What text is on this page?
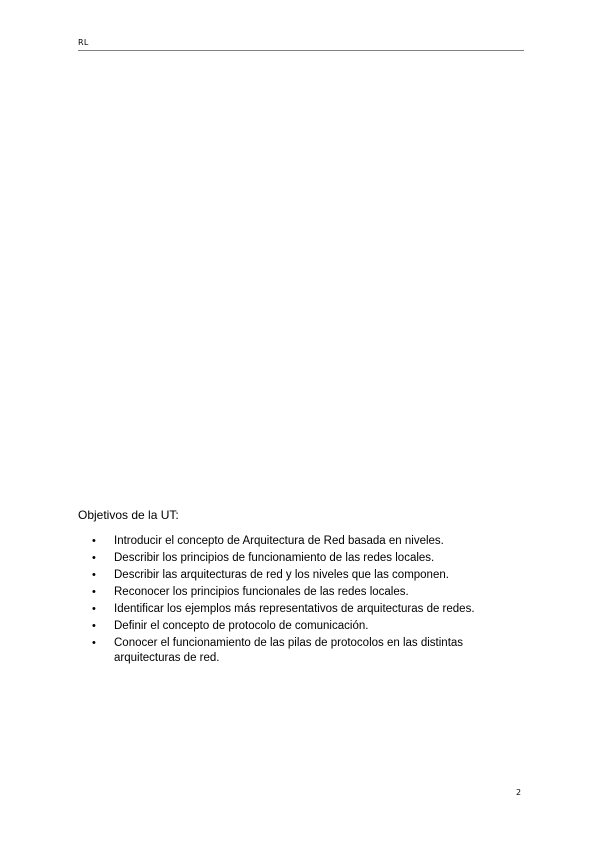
RL

Objetivos de la UT:

• Introducir el concepto de Arquitectura de Red basada en niveles.
• Describir los principios de funcionamiento de las redes locales.
• Describir las arquitecturas de red y los niveles que las componen.
• Reconocer los principios funcionales de las redes locales.
• Identificar los ejemplos más representativos de arquitecturas de redes.
• Definir el concepto de protocolo de comunicación.
• Conocer el funcionamiento de las pilas de protocolos en las distintas arquitecturas de red.
2
